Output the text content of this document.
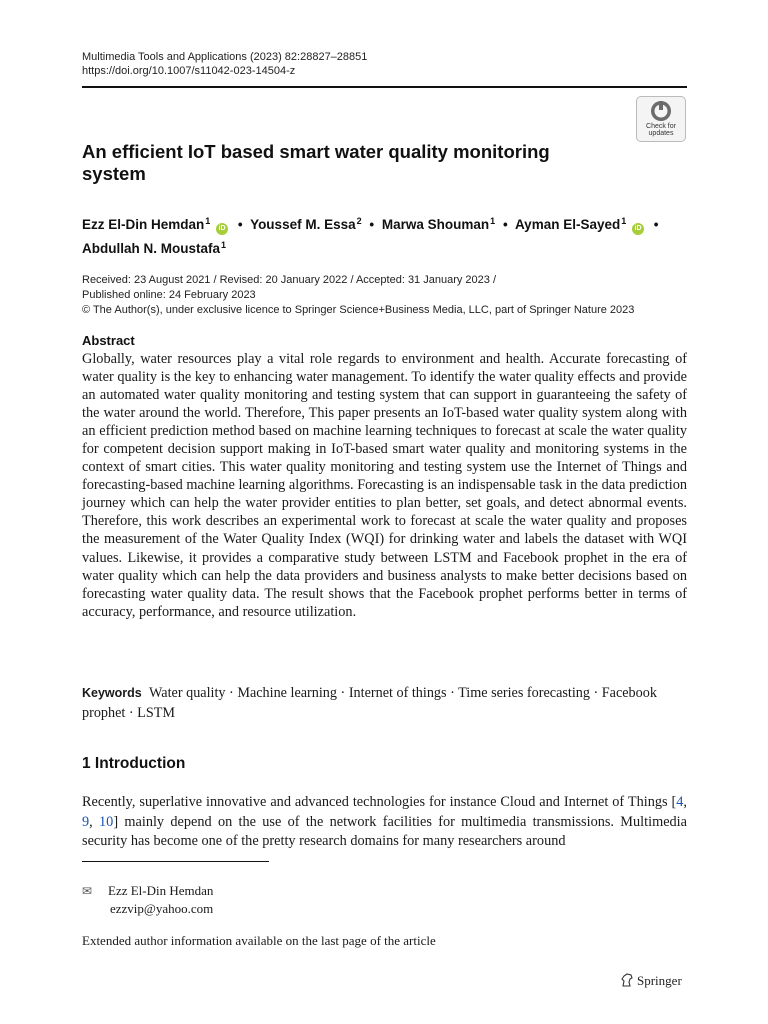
Multimedia Tools and Applications (2023) 82:28827–28851
https://doi.org/10.1007/s11042-023-14504-z
Check for
updates
An efficient IoT based smart water quality monitoring system
Ezz El-Din Hemdan$^1$ iD • Youssef M. Essa$^2$ • Marwa Shouman$^1$ • Ayman El-Sayed$^1$ iD •
Abdullah N. Moustafa$^1$
Received: 23 August 2021 / Revised: 20 January 2022 / Accepted: 31 January 2023 /
Published online: 24 February 2023
© The Author(s), under exclusive licence to Springer Science+Business Media, LLC, part of Springer Nature 2023
Abstract

Globally, water resources play a vital role regards to environment and health. Accurate forecasting of water quality is the key to enhancing water management. To identify the water quality effects and provide an automated water quality monitoring and testing system that can support in guaranteeing the safety of the water around the world. Therefore, This paper presents an IoT-based water quality system along with an efficient prediction method based on machine learning techniques to forecast at scale the water quality for competent decision support making in IoT-based smart water quality and monitoring systems in the context of smart cities. This water quality monitoring and testing system use the Internet of Things and forecasting-based machine learning algorithms. Forecasting is an indispensable task in the data prediction journey which can help the water provider entities to plan better, set goals, and detect abnormal events. Therefore, this work describes an experimental work to forecast at scale the water quality and proposes the measurement of the Water Quality Index (WQI) for drinking water and labels the dataset with WQI values. Likewise, it provides a comparative study between LSTM and Facebook prophet in the era of water quality which can help the data providers and business analysts to make better decisions based on forecasting water quality data. The result shows that the Facebook prophet performs better in terms of accuracy, performance, and resource utilization.

Keywords Water quality · Machine learning · Internet of things · Time series forecasting · Facebook prophet · LSTM
1 Introduction

Recently, superlative innovative and advanced technologies for instance Cloud and Internet of Things [4, 9, 10] mainly depend on the use of the network facilities for multimedia transmissions. Multimedia security has become one of the pretty research domains for many researchers around

✉ Ezz El-Din Hemdan
ezzvip@yahoo.com
Extended author information available on the last page of the article
Springer
